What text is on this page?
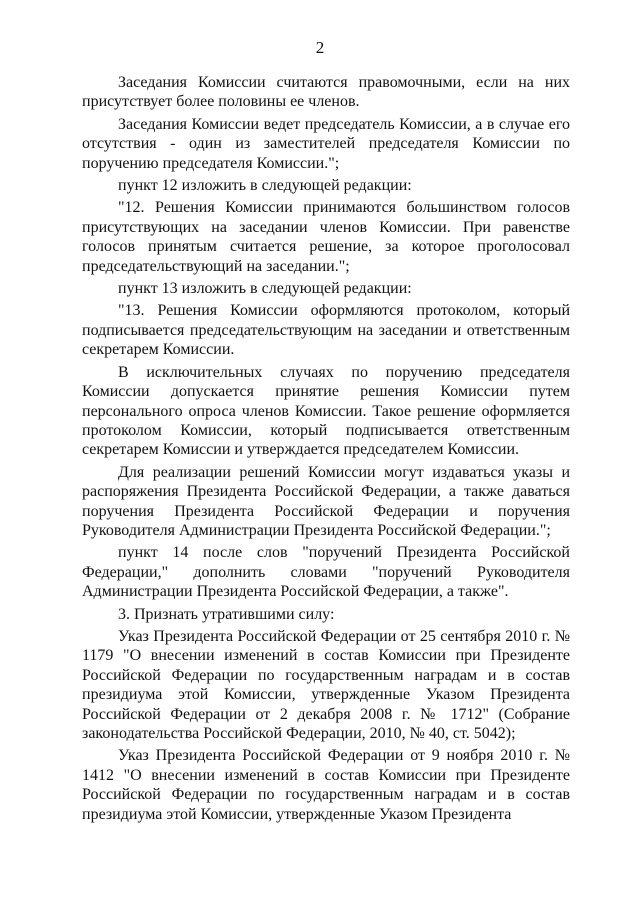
2

Заседания Комиссии считаются правомочными, если на них присутствует более половины ее членов.

Заседания Комиссии ведет председатель Комиссии, а в случае его отсутствия - один из заместителей председателя Комиссии по поручению председателя Комиссии.";

пункт 12 изложить в следующей редакции:

"12. Решения Комиссии принимаются большинством голосов присутствующих на заседании членов Комиссии. При равенстве голосов принятым считается решение, за которое проголосовал председательствующий на заседании.";

пункт 13 изложить в следующей редакции:

"13. Решения Комиссии оформляются протоколом, который подписывается председательствующим на заседании и ответственным секретарем Комиссии.

В исключительных случаях по поручению председателя Комиссии допускается принятие решения Комиссии путем персонального опроса членов Комиссии. Такое решение оформляется протоколом Комиссии, который подписывается ответственным секретарем Комиссии и утверждается председателем Комиссии.

Для реализации решений Комиссии могут издаваться указы и распоряжения Президента Российской Федерации, а также даваться поручения Президента Российской Федерации и поручения Руководителя Администрации Президента Российской Федерации.";

пункт 14 после слов "поручений Президента Российской Федерации," дополнить словами "поручений Руководителя Администрации Президента Российской Федерации, а также".

3. Признать утратившими силу:

Указ Президента Российской Федерации от 25 сентября 2010 г. № 1179 "О внесении изменений в состав Комиссии при Президенте Российской Федерации по государственным наградам и в состав президиума этой Комиссии, утвержденные Указом Президента Российской Федерации от 2 декабря 2008 г. № 1712" (Собрание законодательства Российской Федерации, 2010, № 40, ст. 5042);

Указ Президента Российской Федерации от 9 ноября 2010 г. № 1412 "О внесении изменений в состав Комиссии при Президенте Российской Федерации по государственным наградам и в состав президиума этой Комиссии, утвержденные Указом Президента
